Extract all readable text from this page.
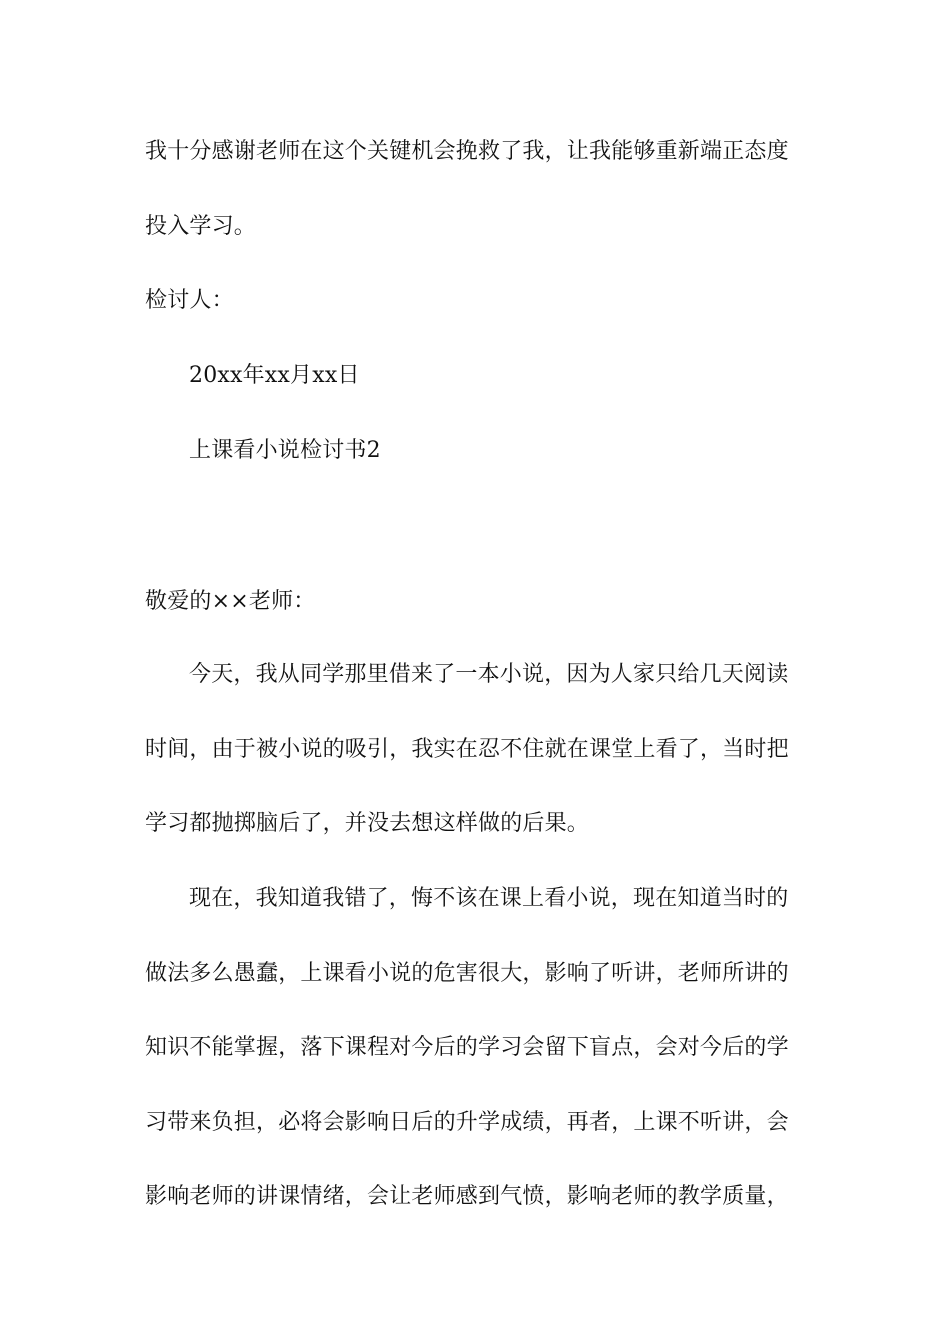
我十分感谢老师在这个关键机会挽救了我，让我能够重新端正态度
投入学习。
检讨人：
20xx年xx月xx日
上课看小说检讨书2
敬爱的××老师：
今天，我从同学那里借来了一本小说，因为人家只给几天阅读
时间，由于被小说的吸引，我实在忍不住就在课堂上看了，当时把
学习都抛掷脑后了，并没去想这样做的后果。
现在，我知道我错了，悔不该在课上看小说，现在知道当时的
做法多么愚蠢，上课看小说的危害很大，影响了听讲，老师所讲的
知识不能掌握，落下课程对今后的学习会留下盲点，会对今后的学
习带来负担，必将会影响日后的升学成绩，再者，上课不听讲，会
影响老师的讲课情绪，会让老师感到气愤，影响老师的教学质量，
